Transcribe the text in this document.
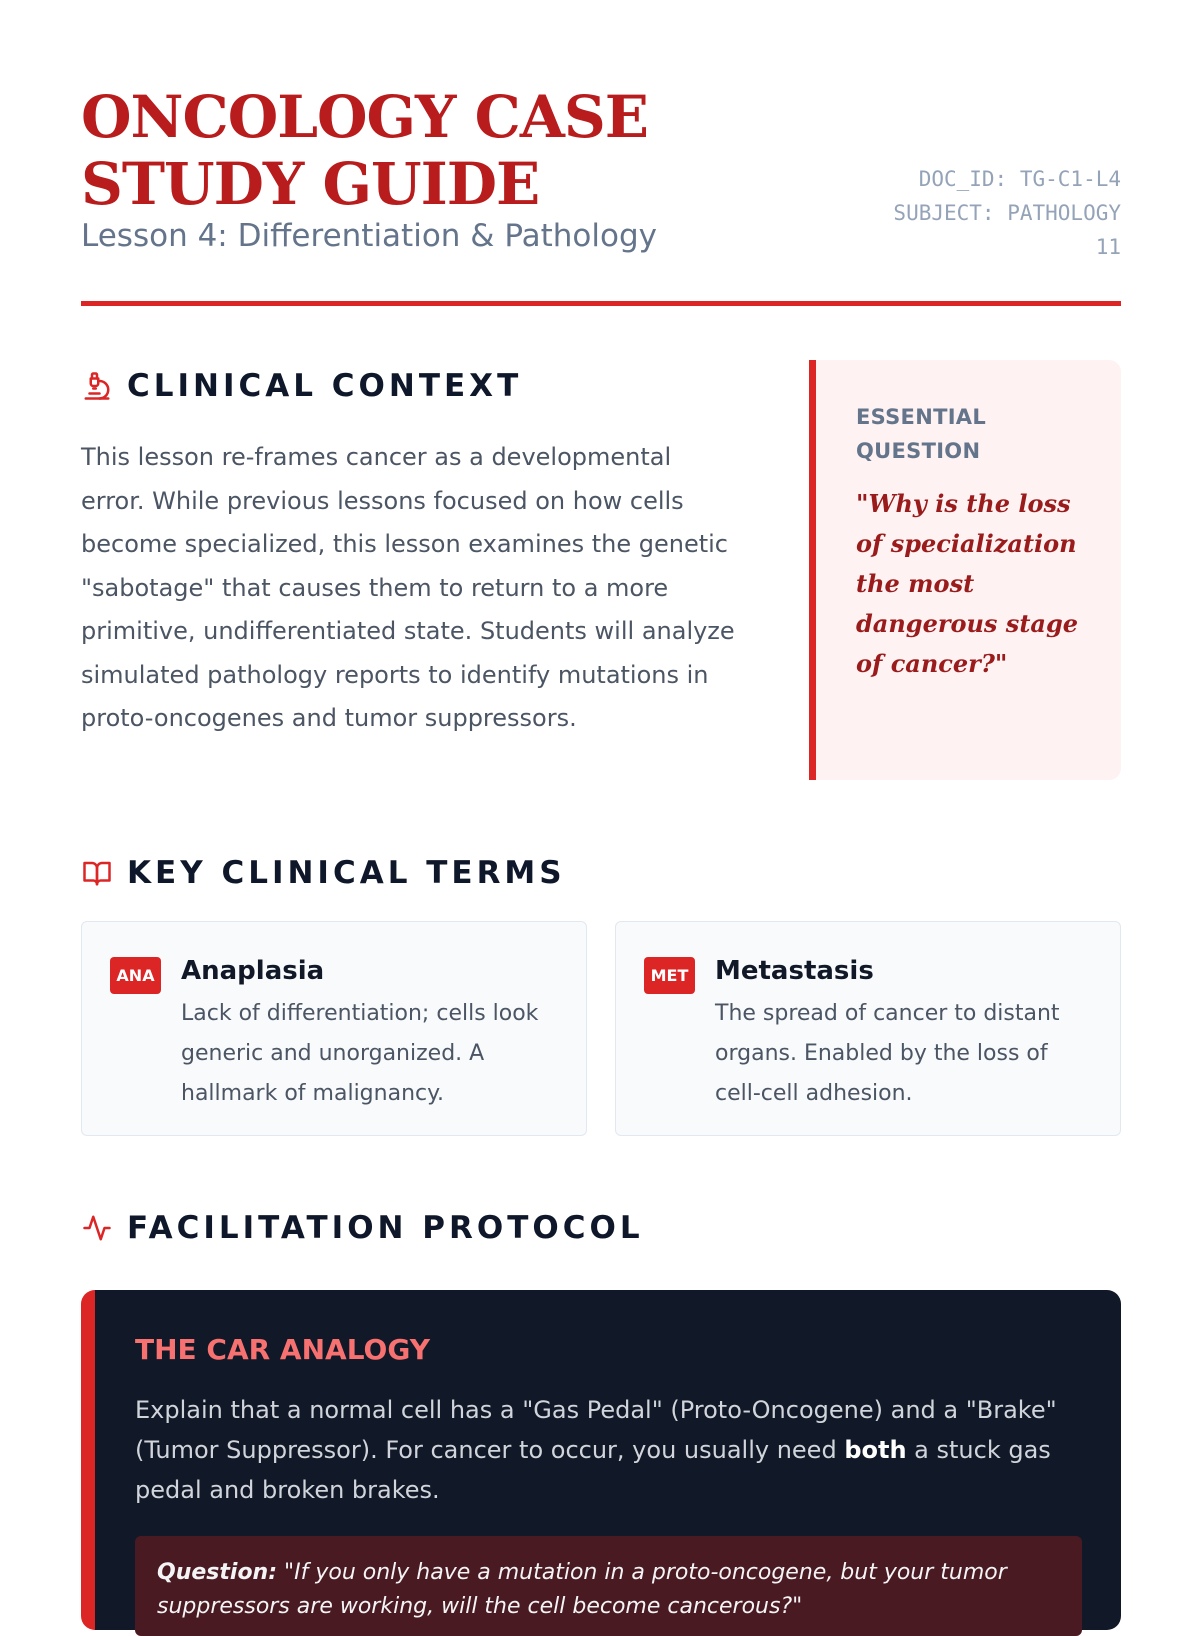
ONCOLOGY CASE STUDY GUIDE
Lesson 4: Differentiation & Pathology
DOC_ID: TG-C1-L4
SUBJECT: PATHOLOGY
11
CLINICAL CONTEXT

This lesson re-frames cancer as a developmental error. While previous lessons focused on how cells become specialized, this lesson examines the genetic "sabotage" that causes them to return to a more primitive, undifferentiated state. Students will analyze simulated pathology reports to identify mutations in proto-oncogenes and tumor suppressors.

ESSENTIAL QUESTION
"Why is the loss of specialization the most dangerous stage of cancer?"
KEY CLINICAL TERMS
ANA Anaplasia
Lack of differentiation; cells look generic and unorganized. A hallmark of malignancy.
MET Metastasis
The spread of cancer to distant organs. Enabled by the loss of cell-cell adhesion.
FACILITATION PROTOCOL
THE CAR ANALOGY

Explain that a normal cell has a "Gas Pedal" (Proto-Oncogene) and a "Brake" (Tumor Suppressor). For cancer to occur, you usually need both a stuck gas pedal and broken brakes.

Question: "If you only have a mutation in a proto-oncogene, but your tumor suppressors are working, will the cell become cancerous?"
